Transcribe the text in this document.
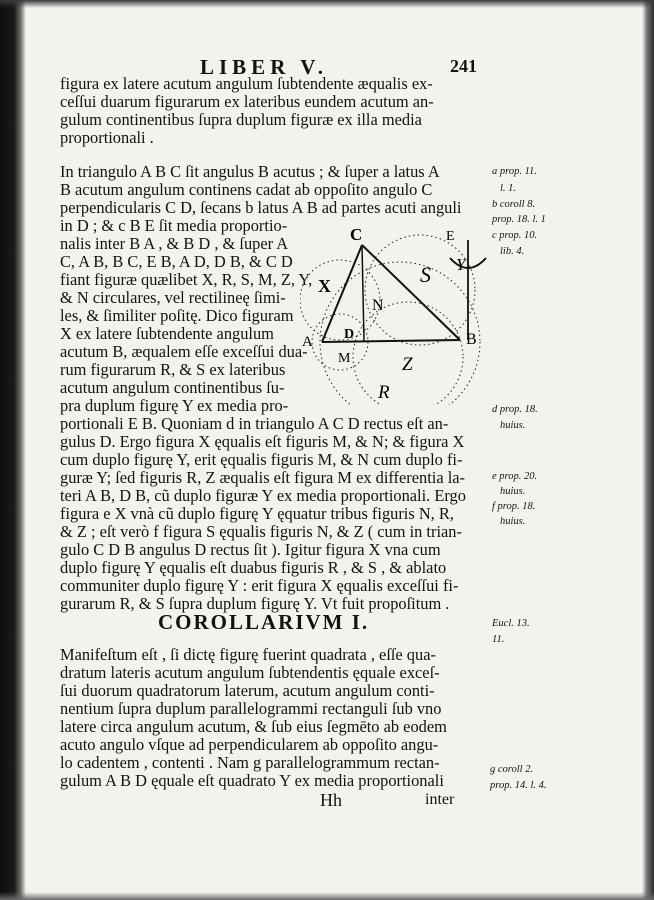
LIBER V.	241
figura ex latere acutum angulum ſubtendente æqualis ex-
ceſſui duarum figurarum ex lateribus eundem acutum an-
gulum continentibus ſupra duplum figuræ ex illa media
proportionali .
In triangulo A B C ſit angulus B acutus ; & ſuper a latus A
B acutum angulum continens cadat ab oppoſito angulo C
perpendicularis C D, ſecans b latus A B ad partes acuti anguli
in D ; & c B E ſit media proportio-
nalis inter B A , & B D , & ſuper A
C, A B, B C, E B, A D, D B, & C D
fiant figuræ quælibet X, R, S, M, Z, Y,
& N circulares, vel rectilineę ſimi-
les, & ſimiliter poſitę. Dico figuram
X ex latere ſubtendente angulum
acutum B, æqualem eſſe exceſſui dua-
rum figurarum R, & S ex lateribus
acutum angulum continentibus ſu-
pra duplum figurę Y ex media pro-
portionali E B. Quoniam d in triangulo A C D rectus eſt an-
gulus D. Ergo figura X ęqualis eſt figuris M, & N; & figura X
cum duplo figurę Y, erit ęqualis figuris M, & N cum duplo fi-
guræ Y; ſed figuris R, Z æqualis eſt figura M ex differentia la-
teri A B, D B, cũ duplo figuræ Y ex media proportionali. Ergo
figura e X vnà cũ duplo figurę Y ęquatur tribus figuris N, R,
& Z ; eſt verò f figura S ęqualis figuris N, & Z ( cum in trian-
gulo C D B angulus D rectus ſit ). Igitur figura X vna cum
duplo figurę Y ęqualis eſt duabus figuris R , & S , & ablato
communiter duplo figurę Y : erit figura X ęqualis exceſſui fi-
gurarum R, & S ſupra duplum figurę Y. Vt fuit propoſitum .
C	E
Y
S
X
N
D
A	B
M	Z
R
a prop. 11.
l. 1.
b coroll 8.
prop. 18. l. 1
c prop. 10.
lib. 4.
d prop. 18.
huius.
e prop. 20.
huius.
f prop. 18.
huius.
Eucl. 13.
11.
g coroll 2.
prop. 14. l. 4.
COROLLARIVM I.
Manifeſtum eſt , ſi dictę figurę fuerint quadrata , eſſe qua-
dratum lateris acutum angulum ſubtendentis ęquale exceſ-
ſui duorum quadratorum laterum, acutum angulum conti-
nentium ſupra duplum parallelogrammi rectanguli ſub vno
latere circa angulum acutum, & ſub eius ſegmēto ab eodem
acuto angulo vſque ad perpendicularem ab oppoſito angu-
lo cadentem , contenti . Nam g parallelogrammum rectan-
gulum A B D ęquale eſt quadrato Y ex media proportionali
Hh	inter
